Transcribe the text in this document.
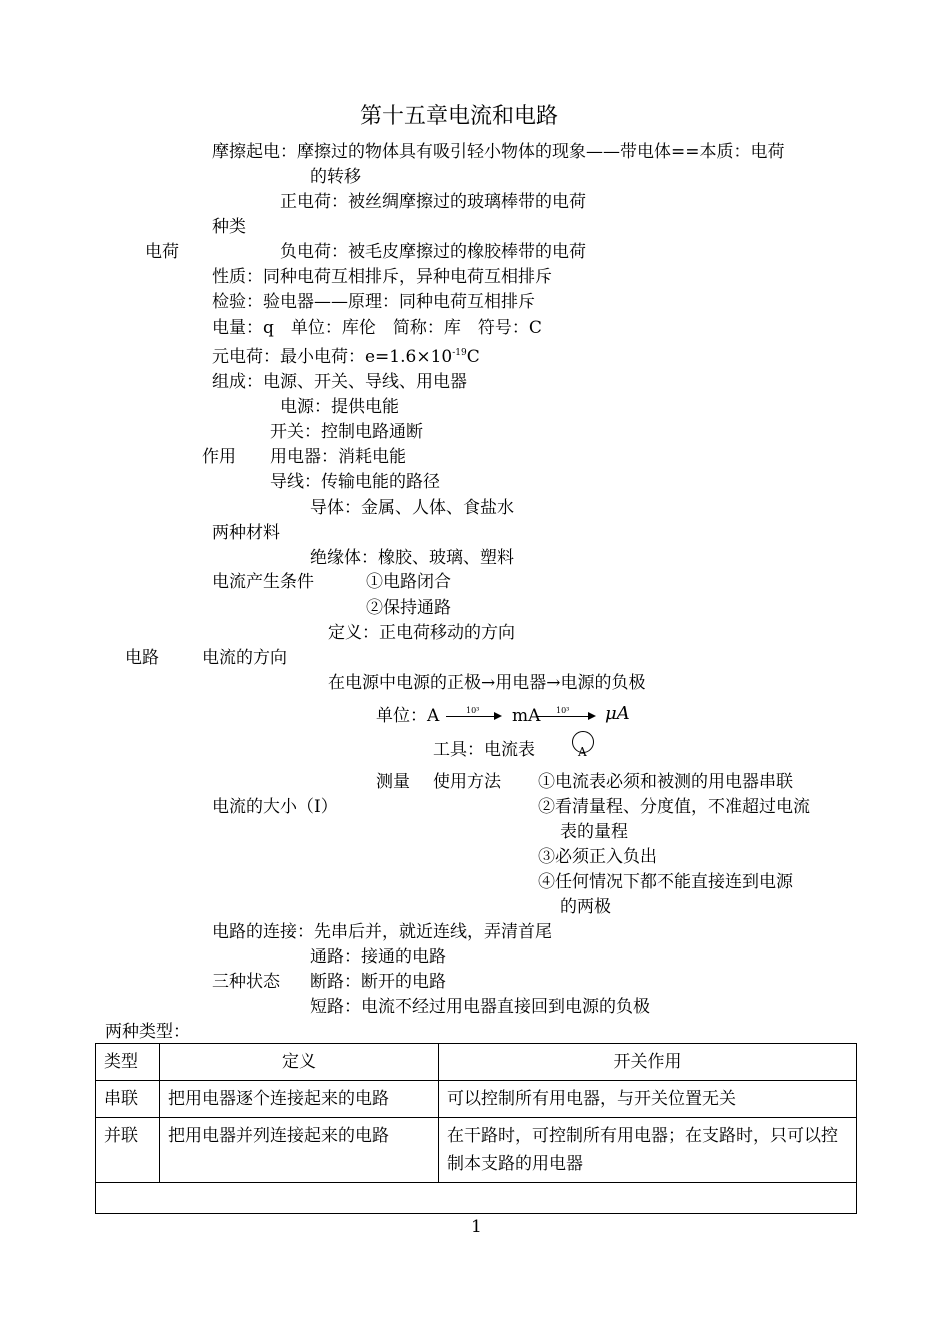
第十五章电流和电路
摩擦起电：摩擦过的物体具有吸引轻小物体的现象——带电体==本质：电荷
的转移
正电荷：被丝绸摩擦过的玻璃棒带的电荷
种类
电荷	负电荷：被毛皮摩擦过的橡胶棒带的电荷
性质：同种电荷互相排斥，异种电荷互相排斥
检验：验电器——原理：同种电荷互相排斥
电量：q　单位：库伦　简称：库　符号：C
元电荷：最小电荷：$e=1.6\times 10^{-19}C$
组成：电源、开关、导线、用电器
电源：提供电能
开关：控制电路通断
作用 用电器：消耗电能
导线：传输电能的路径
导体：金属、人体、食盐水
两种材料
绝缘体：橡胶、玻璃、塑料
电流产生条件	①电路闭合
②保持通路
定义：正电荷移动的方向
电路	电流的方向
在电源中电源的正极→用电器→电源的负极
单位：A	10³ mA 10³ μA
工具：电流表	A
测量 使用方法 ①电流表必须和被测的用电器串联
电流的大小（I）	②看清量程、分度值，不准超过电流
表的量程
③必须正入负出
④任何情况下都不能直接连到电源
的两极
电路的连接：先串后并，就近连线，弄清首尾
通路：接通的电路
三种状态 断路：断开的电路
短路：电流不经过用电器直接回到电源的负极
两种类型：
类型	定义	开关作用
串联	把用电器逐个连接起来的电路	可以控制所有用电器，与开关位置无关
并联	把用电器并列连接起来的电路	在干路时，可控制所有用电器；在支路时，只可以控制本支路的用电器

1
